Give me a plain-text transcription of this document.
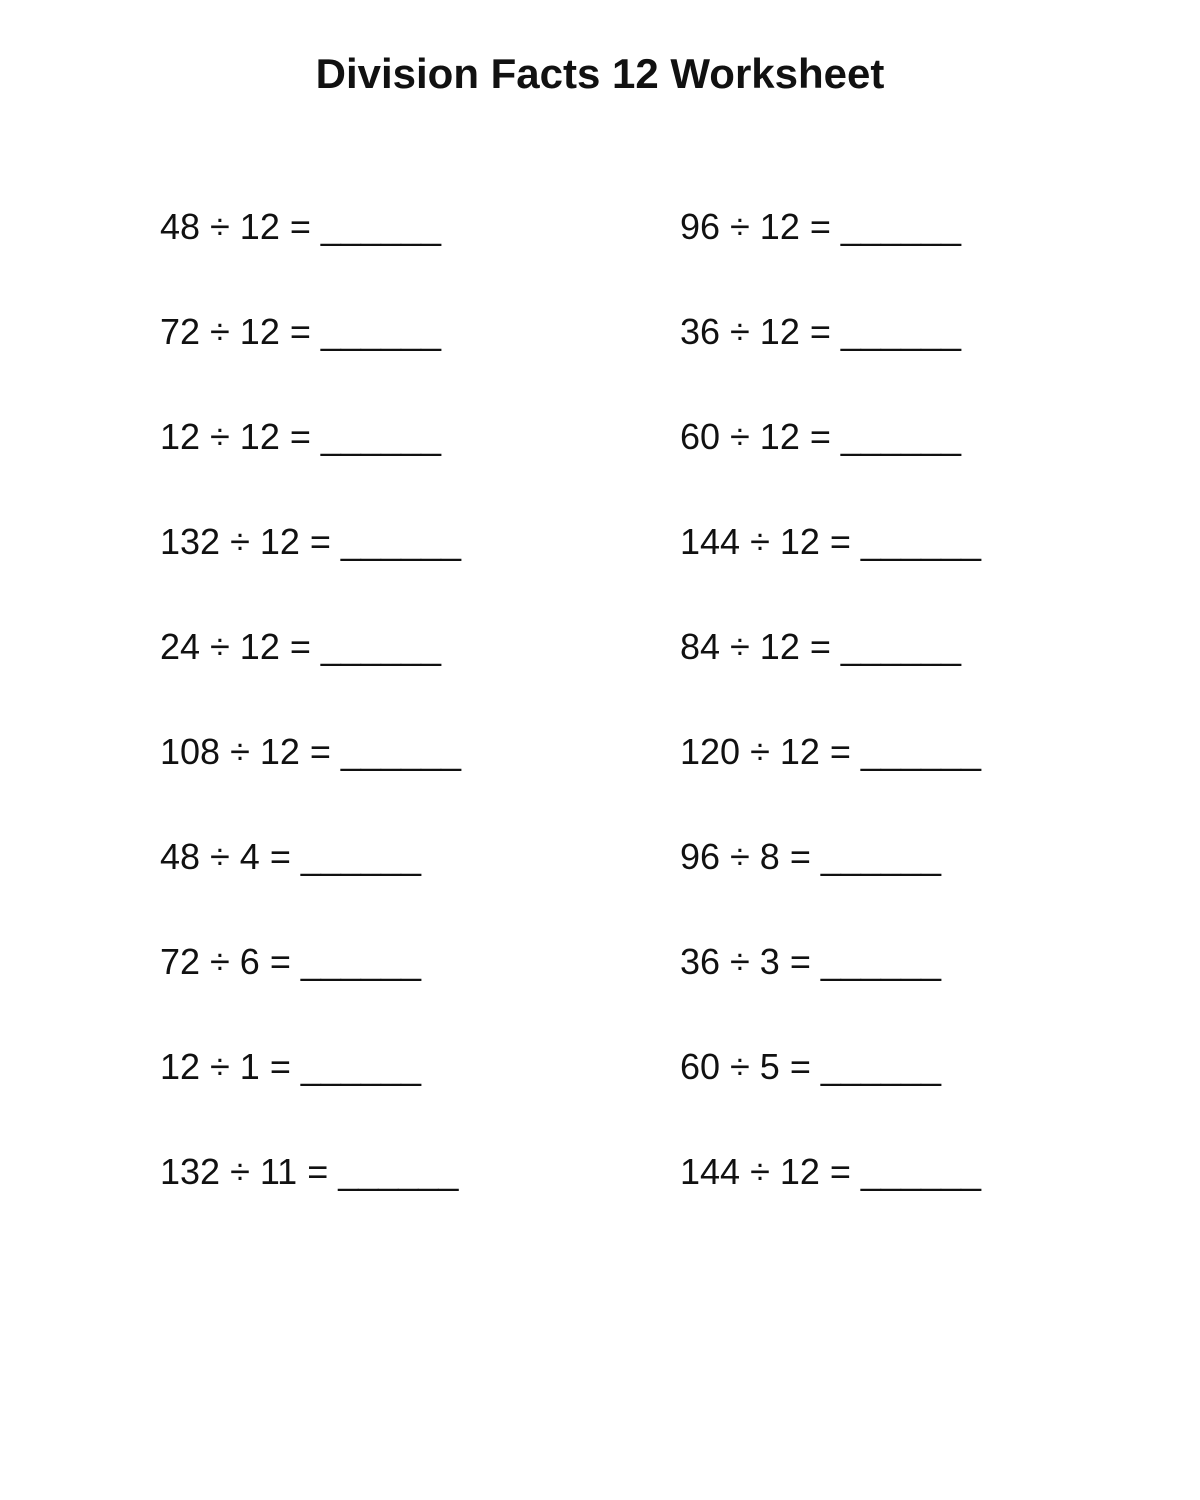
Division Facts 12 Worksheet
48 ÷ 12 = ______
72 ÷ 12 = ______
12 ÷ 12 = ______
132 ÷ 12 = ______
24 ÷ 12 = ______
108 ÷ 12 = ______
48 ÷ 4 = ______
72 ÷ 6 = ______
12 ÷ 1 = ______
132 ÷ 11 = ______
96 ÷ 12 = ______
36 ÷ 12 = ______
60 ÷ 12 = ______
144 ÷ 12 = ______
84 ÷ 12 = ______
120 ÷ 12 = ______
96 ÷ 8 = ______
36 ÷ 3 = ______
60 ÷ 5 = ______
144 ÷ 12 = ______
